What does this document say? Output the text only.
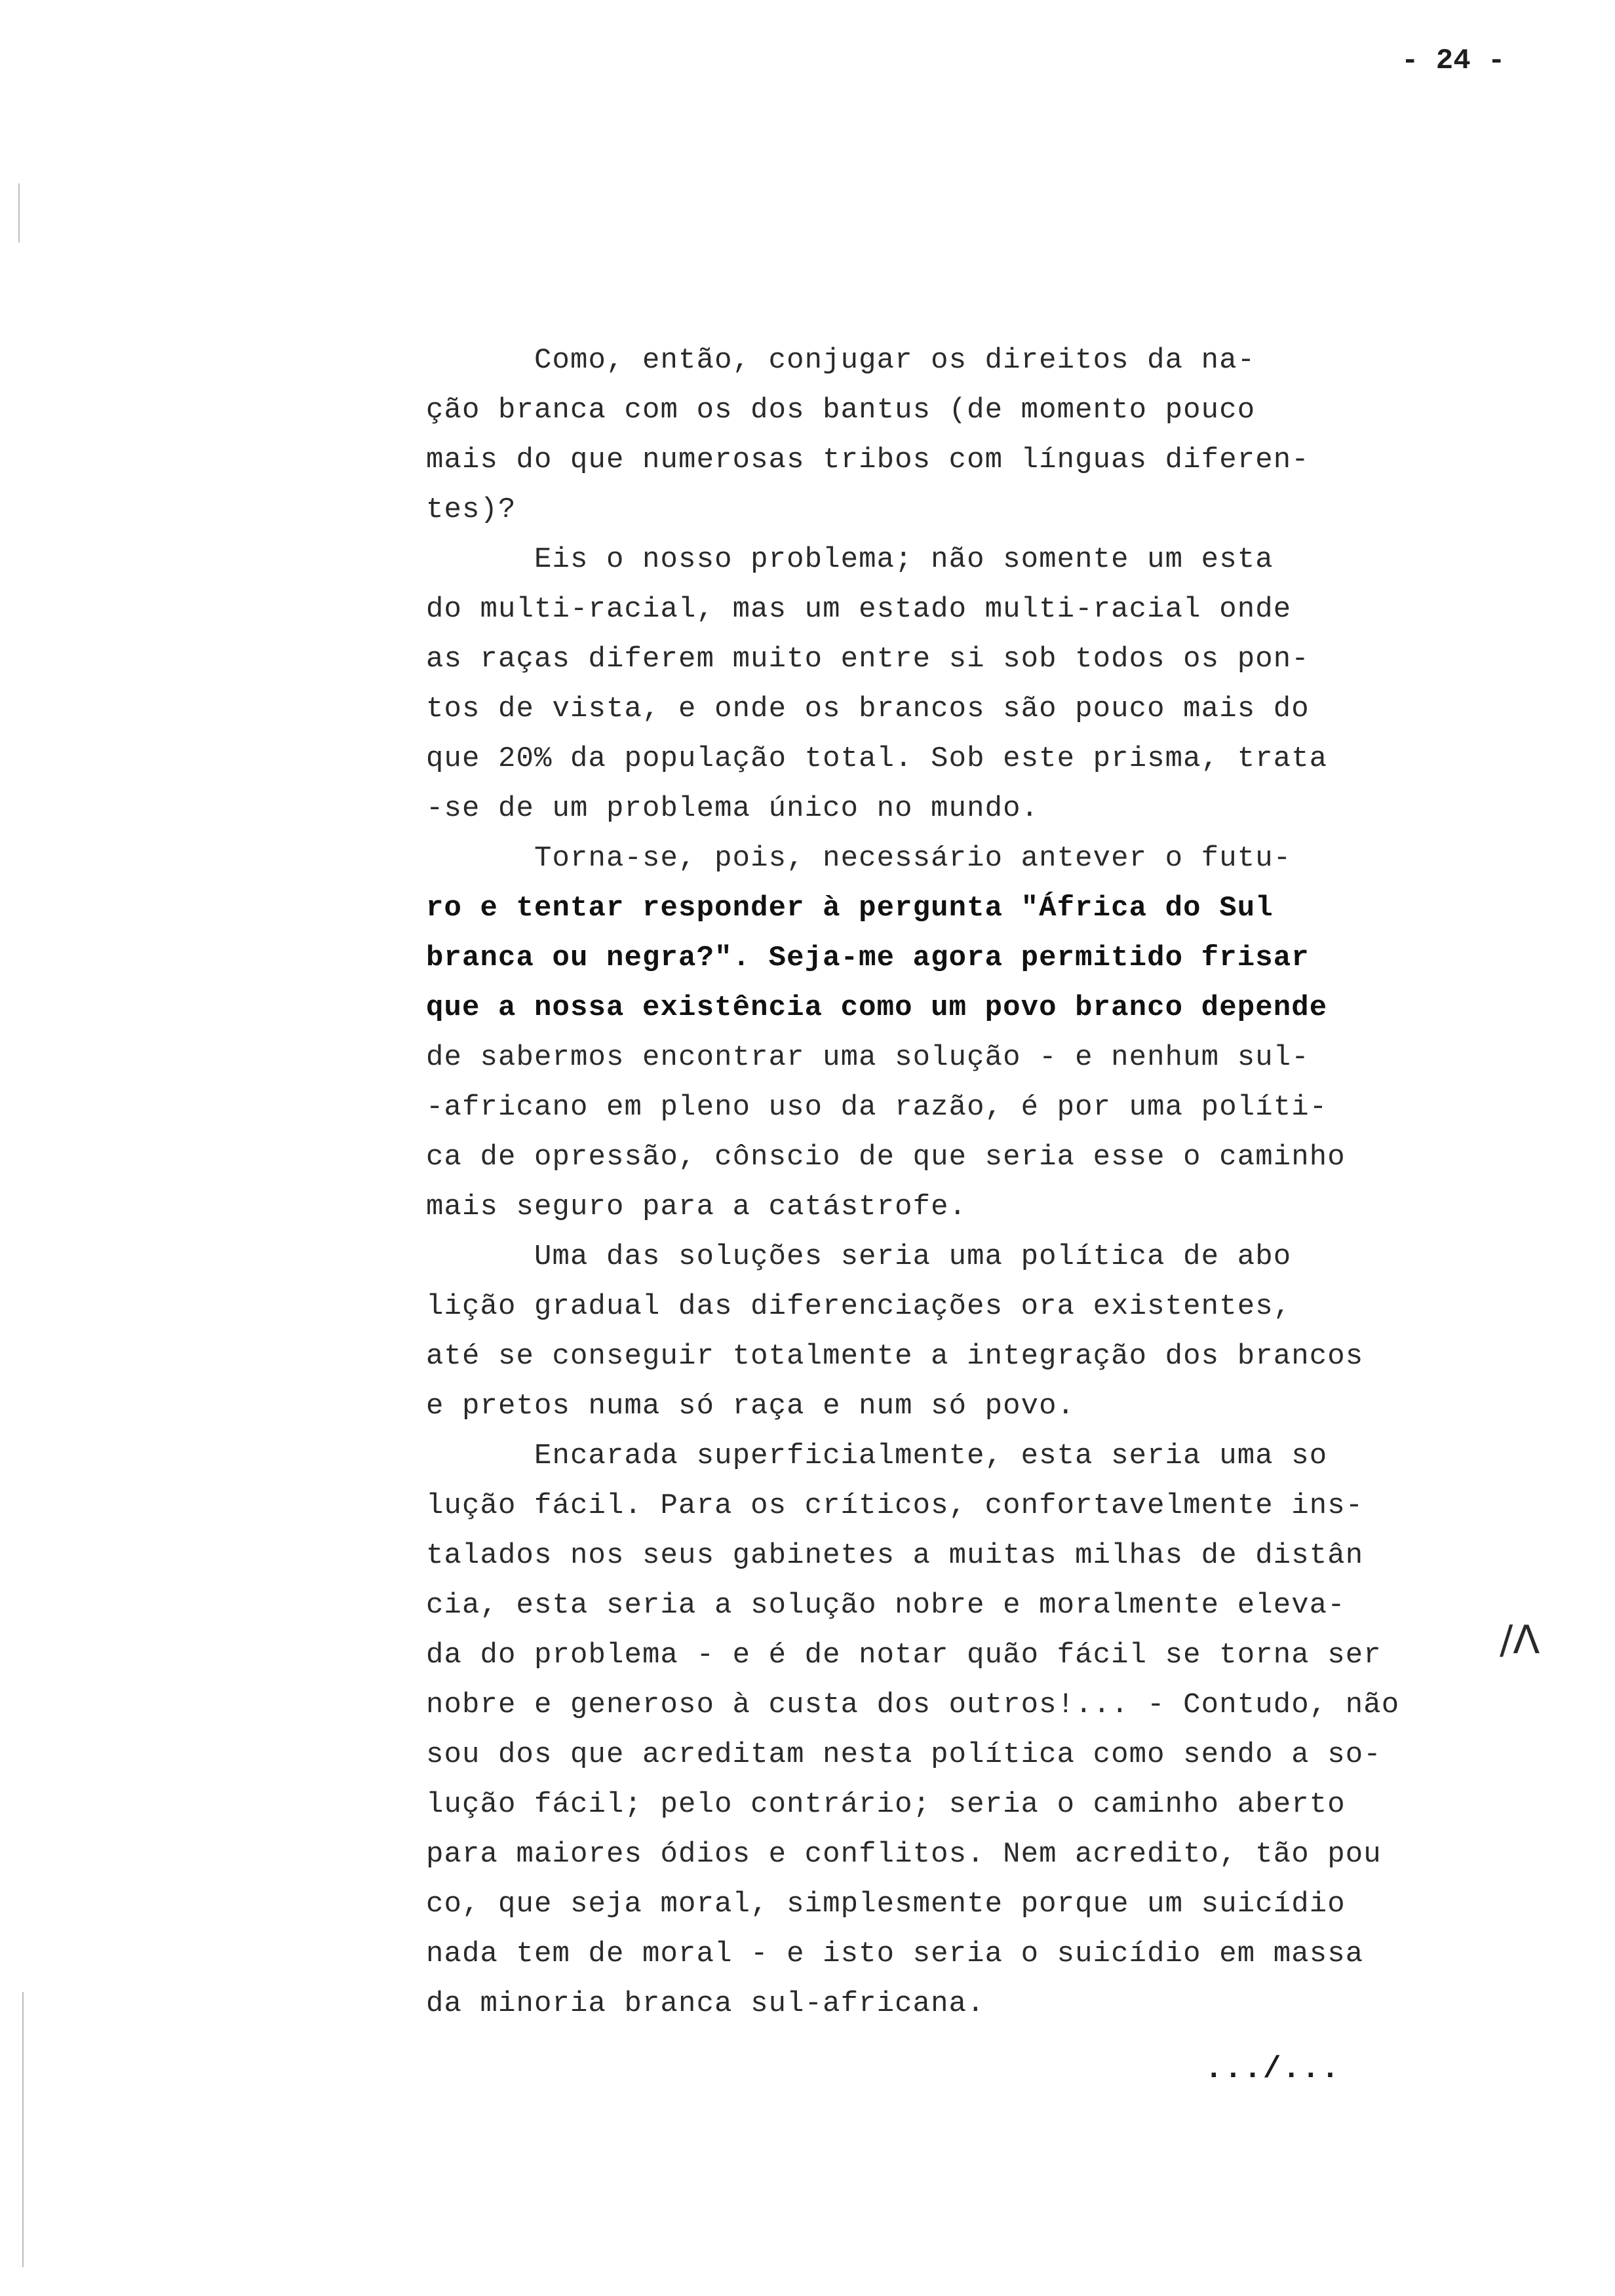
- 24 -
Como, então, conjugar os direitos da na-
ção branca com os dos bantus (de momento pouco
mais do que numerosas tribos com línguas diferen-
tes)?
Eis o nosso problema; não somente um esta
do multi-racial, mas um estado multi-racial onde
as raças diferem muito entre si sob todos os pon-
tos de vista, e onde os brancos são pouco mais do
que 20% da população total. Sob este prisma, trata
-se de um problema único no mundo.
Torna-se, pois, necessário antever o futu-
ro e tentar responder à pergunta "África do Sul
branca ou negra?". Seja-me agora permitido frisar
que a nossa existência como um povo branco depende
de sabermos encontrar uma solução - e nenhum sul-
-africano em pleno uso da razão, é por uma políti-
ca de opressão, cônscio de que seria esse o caminho
mais seguro para a catástrofe.
Uma das soluções seria uma política de abo
lição gradual das diferenciações ora existentes,
até se conseguir totalmente a integração dos brancos
e pretos numa só raça e num só povo.
Encarada superficialmente, esta seria uma so
lução fácil. Para os críticos, confortavelmente ins-
talados nos seus gabinetes a muitas milhas de distân
cia, esta seria a solução nobre e moralmente eleva-
da do problema - e é de notar quão fácil se torna ser
nobre e generoso à custa dos outros!... - Contudo, não
sou dos que acreditam nesta política como sendo a so-
lução fácil; pelo contrário; seria o caminho aberto
para maiores ódios e conflitos. Nem acredito, tão pou
co, que seja moral, simplesmente porque um suicídio
nada tem de moral - e isto seria o suicídio em massa
da minoria branca sul-africana.
/Ʌ
.../...
